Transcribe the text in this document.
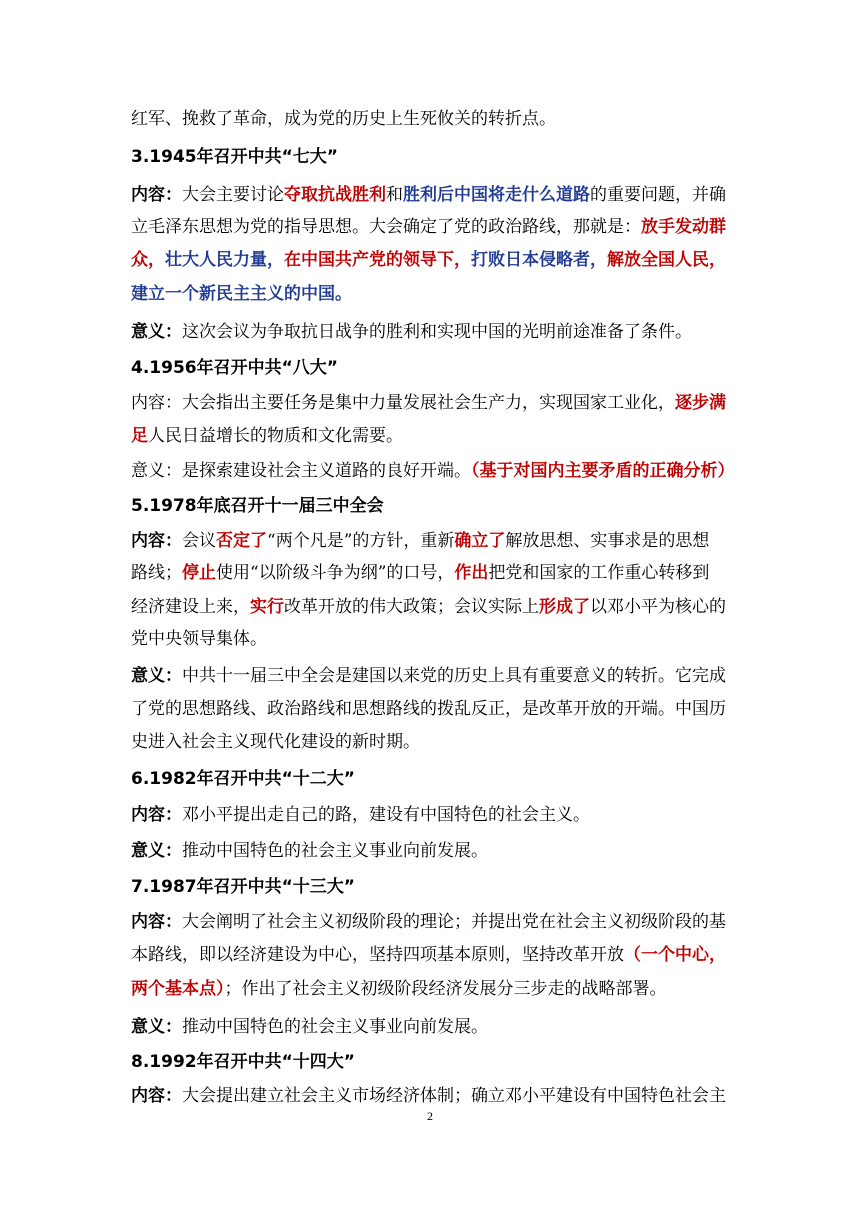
红军、挽救了革命，成为党的历史上生死攸关的转折点。
3.1945年召开中共“七大”
内容：大会主要讨论夺取抗战胜利和胜利后中国将走什么道路的重要问题，并确
立毛泽东思想为党的指导思想。大会确定了党的政治路线，那就是：放手发动群
众，壮大人民力量，在中国共产党的领导下，打败日本侵略者，解放全国人民，
建立一个新民主主义的中国。
意义：这次会议为争取抗日战争的胜利和实现中国的光明前途准备了条件。
4.1956年召开中共“八大”
内容：大会指出主要任务是集中力量发展社会生产力，实现国家工业化，逐步满
足人民日益增长的物质和文化需要。
意义：是探索建设社会主义道路的良好开端。（基于对国内主要矛盾的正确分析）
5.1978年底召开十一届三中全会
内容：会议否定了“两个凡是”的方针，重新确立了解放思想、实事求是的思想
路线；停止使用“以阶级斗争为纲”的口号，作出把党和国家的工作重心转移到
经济建设上来，实行改革开放的伟大政策；会议实际上形成了以邓小平为核心的
党中央领导集体。
意义：中共十一届三中全会是建国以来党的历史上具有重要意义的转折。它完成
了党的思想路线、政治路线和思想路线的拨乱反正，是改革开放的开端。中国历
史进入社会主义现代化建设的新时期。
6.1982年召开中共“十二大”
内容：邓小平提出走自己的路，建设有中国特色的社会主义。
意义：推动中国特色的社会主义事业向前发展。
7.1987年召开中共“十三大”
内容：大会阐明了社会主义初级阶段的理论；并提出党在社会主义初级阶段的基
本路线，即以经济建设为中心，坚持四项基本原则，坚持改革开放（一个中心，
两个基本点）；作出了社会主义初级阶段经济发展分三步走的战略部署。
意义：推动中国特色的社会主义事业向前发展。
8.1992年召开中共“十四大”
内容：大会提出建立社会主义市场经济体制；确立邓小平建设有中国特色社会主
2
